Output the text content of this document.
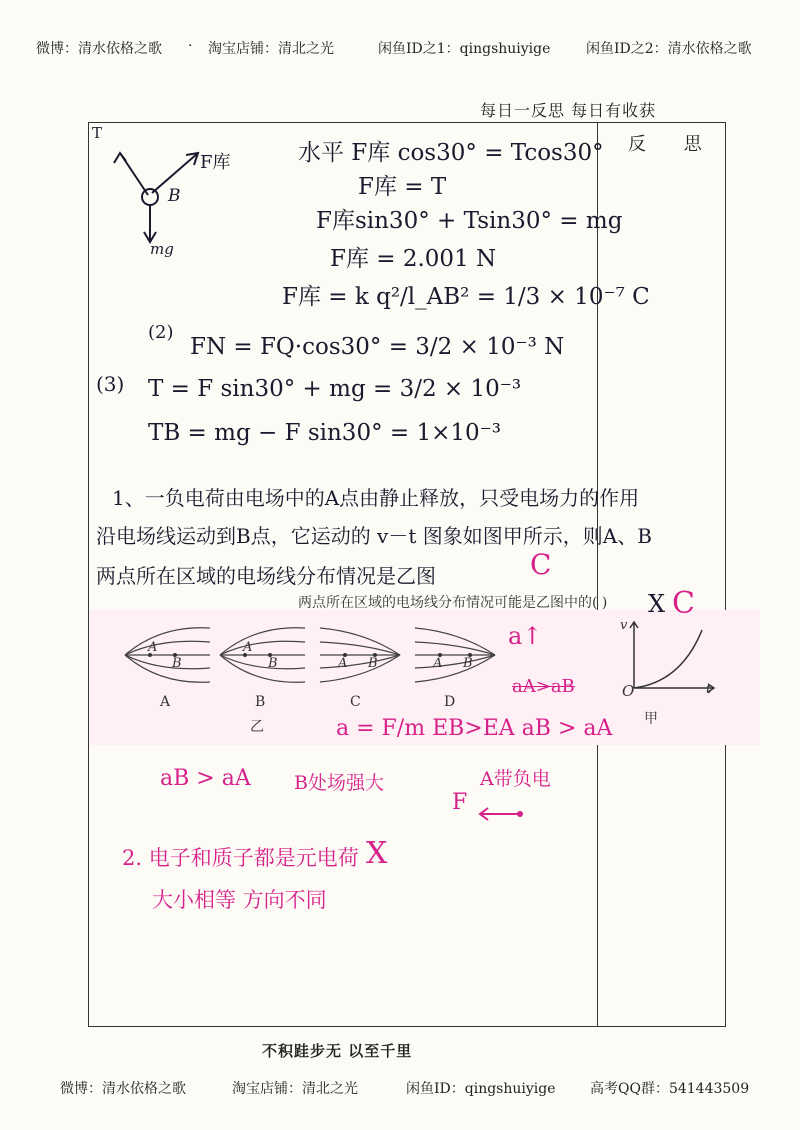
微博：清水依格之歌 · 淘宝店铺：清北之光	闲鱼ID之1：qingshuiyige	闲鱼ID之2：清水依格之歌
每日一反思 每日有收获
反 思
T
F库
B
mg
水平 F库 cos30° = Tcos30°
F库 = T
F库sin30° + Tsin30° = mg
F库 = 2.001 N
F库 = k q²/l_AB² = 1/3 × 10⁻⁷ C
(2)
FN = FQ·cos30° = 3/2 × 10⁻³ N
(3) T = F sin30° + mg = 3/2 × 10⁻³
TB = mg − F sin30° = 1×10⁻³
1、一负电荷由电场中的A点由静止释放，只受电场力的作用
沿电场线运动到B点，它运动的 v－t 图象如图甲所示，则A、B
两点所在区域的电场线分布情况是乙图	C
两点所在区域的电场线分布情况可能是乙图中的( )
A
B
A
B	A B	A B
A	B	C	D
乙
v
t
O
甲
C
X
a↑
aA>aB
a = F/m EB>EA aB > aA
aB > aA B处场强大	A带负电
F
2. 电子和质子都是元电荷 X
大小相等 方向不同
不积跬步无 以至千里
微博：清水依格之歌	淘宝店铺：清北之光	闲鱼ID：qingshuiyige 高考QQ群：541443509
